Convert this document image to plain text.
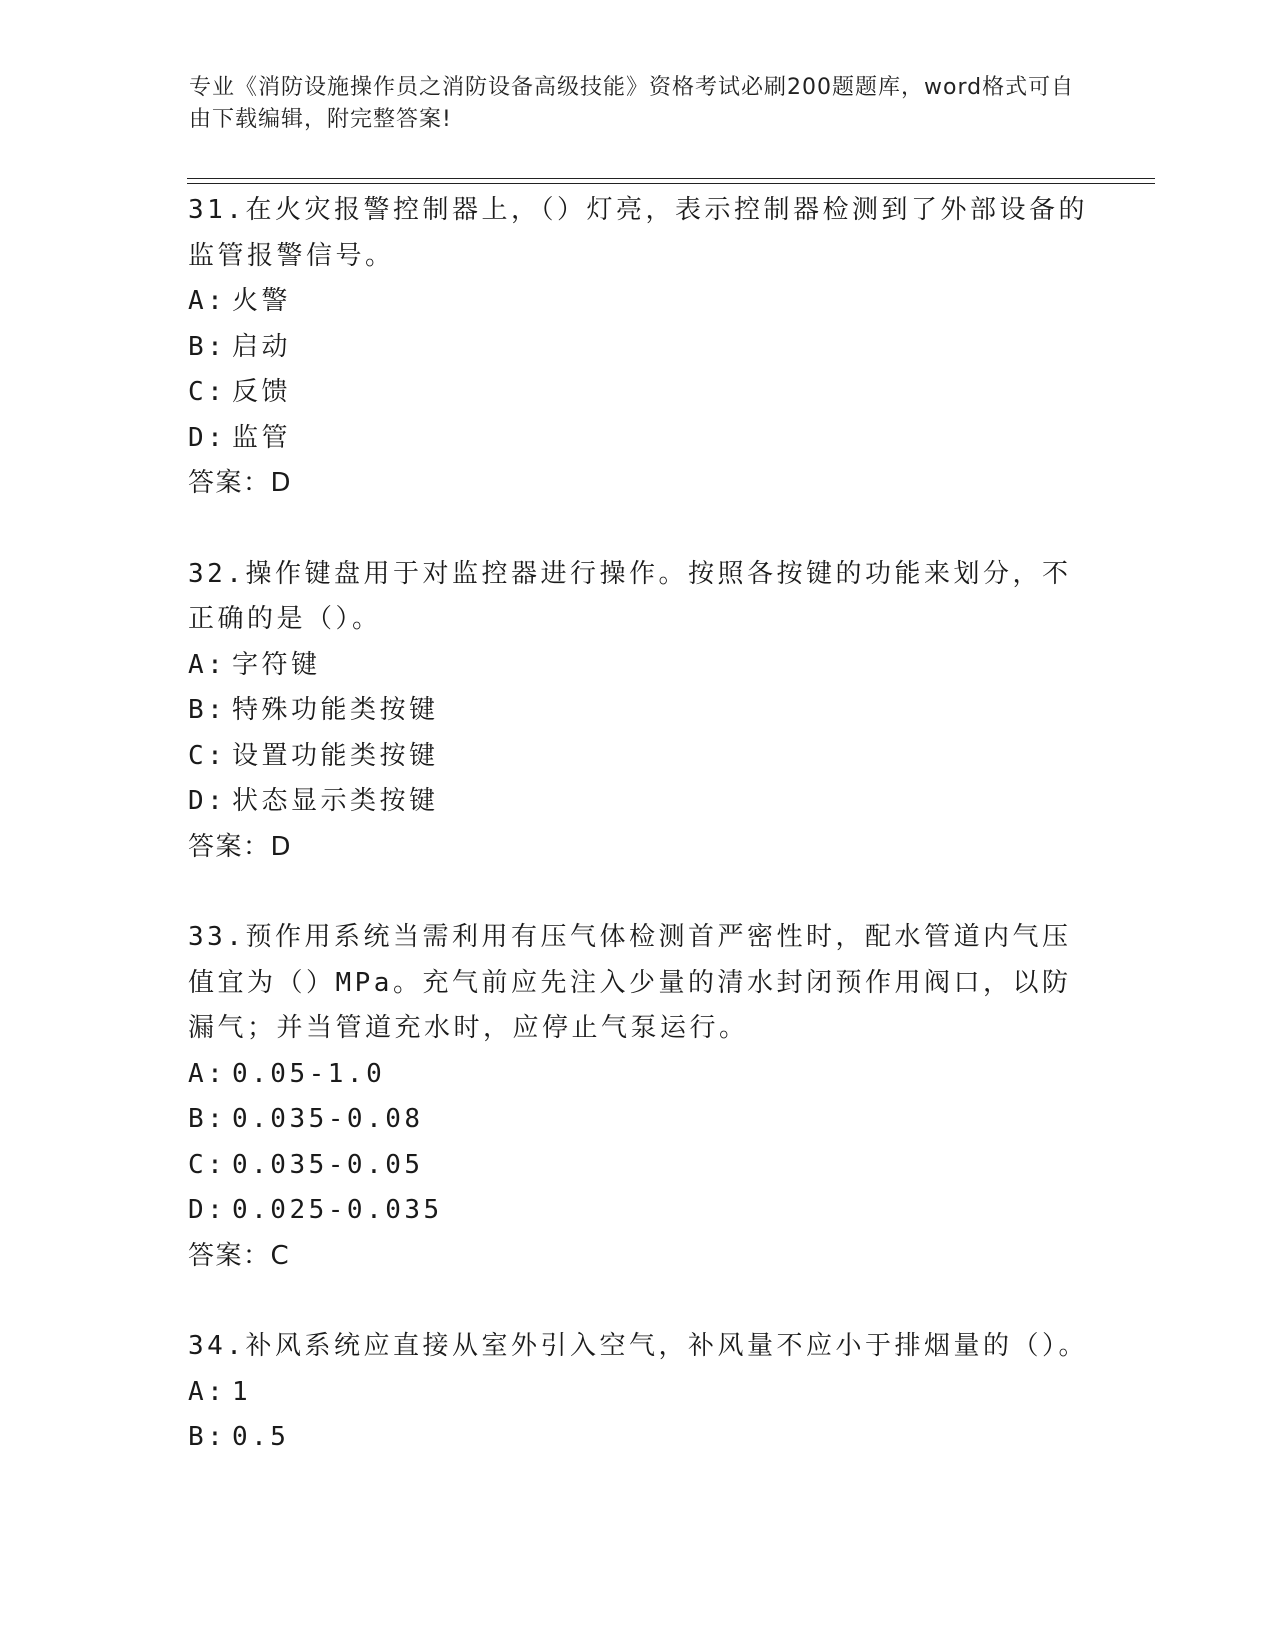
专业《消防设施操作员之消防设备高级技能》资格考试必刷200题题库，word格式可自由下载编辑，附完整答案!
31.在火灾报警控制器上，（）灯亮，表示控制器检测到了外部设备的监管报警信号。
A: 火警
B: 启动
C: 反馈
D: 监管
答案：D
32.操作键盘用于对监控器进行操作。按照各按键的功能来划分，不正确的是（）。
A: 字符键
B: 特殊功能类按键
C: 设置功能类按键
D: 状态显示类按键
答案：D
33.预作用系统当需利用有压气体检测首严密性时，配水管道内气压值宜为（）MPa。充气前应先注入少量的清水封闭预作用阀口，以防漏气；并当管道充水时，应停止气泵运行。
A: 0.05-1.0
B: 0.035-0.08
C: 0.035-0.05
D: 0.025-0.035
答案：C
34.补风系统应直接从室外引入空气，补风量不应小于排烟量的（）。
A: 1
B: 0.5
